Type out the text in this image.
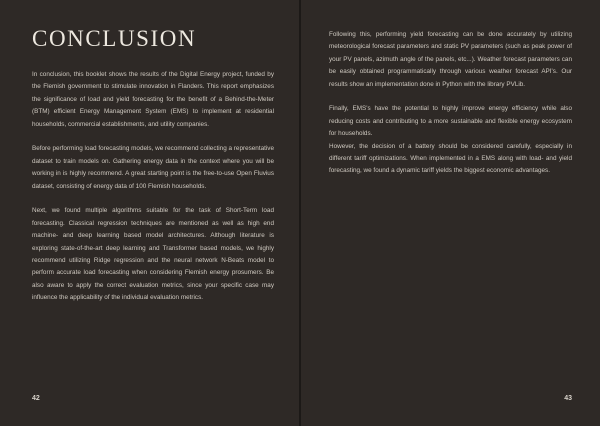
CONCLUSION

In conclusion, this booklet shows the results of the Digital Energy project, funded by the Flemish government to stimulate innovation in Flanders. This report emphasizes the significance of load and yield forecasting for the benefit of a Behind-the-Meter (BTM) efficient Energy Management System (EMS) to implement at residential households, commercial establishments, and utility companies.

Before performing load forecasting models, we recommend collecting a representative dataset to train models on. Gathering energy data in the context where you will be working in is highly recommend. A great starting point is the free-to-use Open Fluvius dataset, consisting of energy data of 100 Flemish households.

Next, we found multiple algorithms suitable for the task of Short-Term load forecasting. Classical regression techniques are mentioned as well as high end machine- and deep learning based model architectures. Although literature is exploring state-of-the-art deep learning and Transformer based models, we highly recommend utilizing Ridge regression and the neural network N-Beats model to perform accurate load forecasting when considering Flemish energy prosumers. Be also aware to apply the correct evaluation metrics, since your specific case may influence the applicability of the individual evaluation metrics.

42

Following this, performing yield forecasting can be done accurately by utilizing meteorological forecast parameters and static PV parameters (such as peak power of your PV panels, azimuth angle of the panels, etc...). Weather forecast parameters can be easily obtained programmatically through various weather forecast API's. Our results show an implementation done in Python with the library PVLib.

Finally, EMS's have the potential to highly improve energy efficiency while also reducing costs and contributing to a more sustainable and flexible energy ecosystem for households.

However, the decision of a battery should be considered carefully, especially in different tariff optimizations. When implemented in a EMS along with load- and yield forecasting, we found a dynamic tariff yields the biggest economic advantages.

43
